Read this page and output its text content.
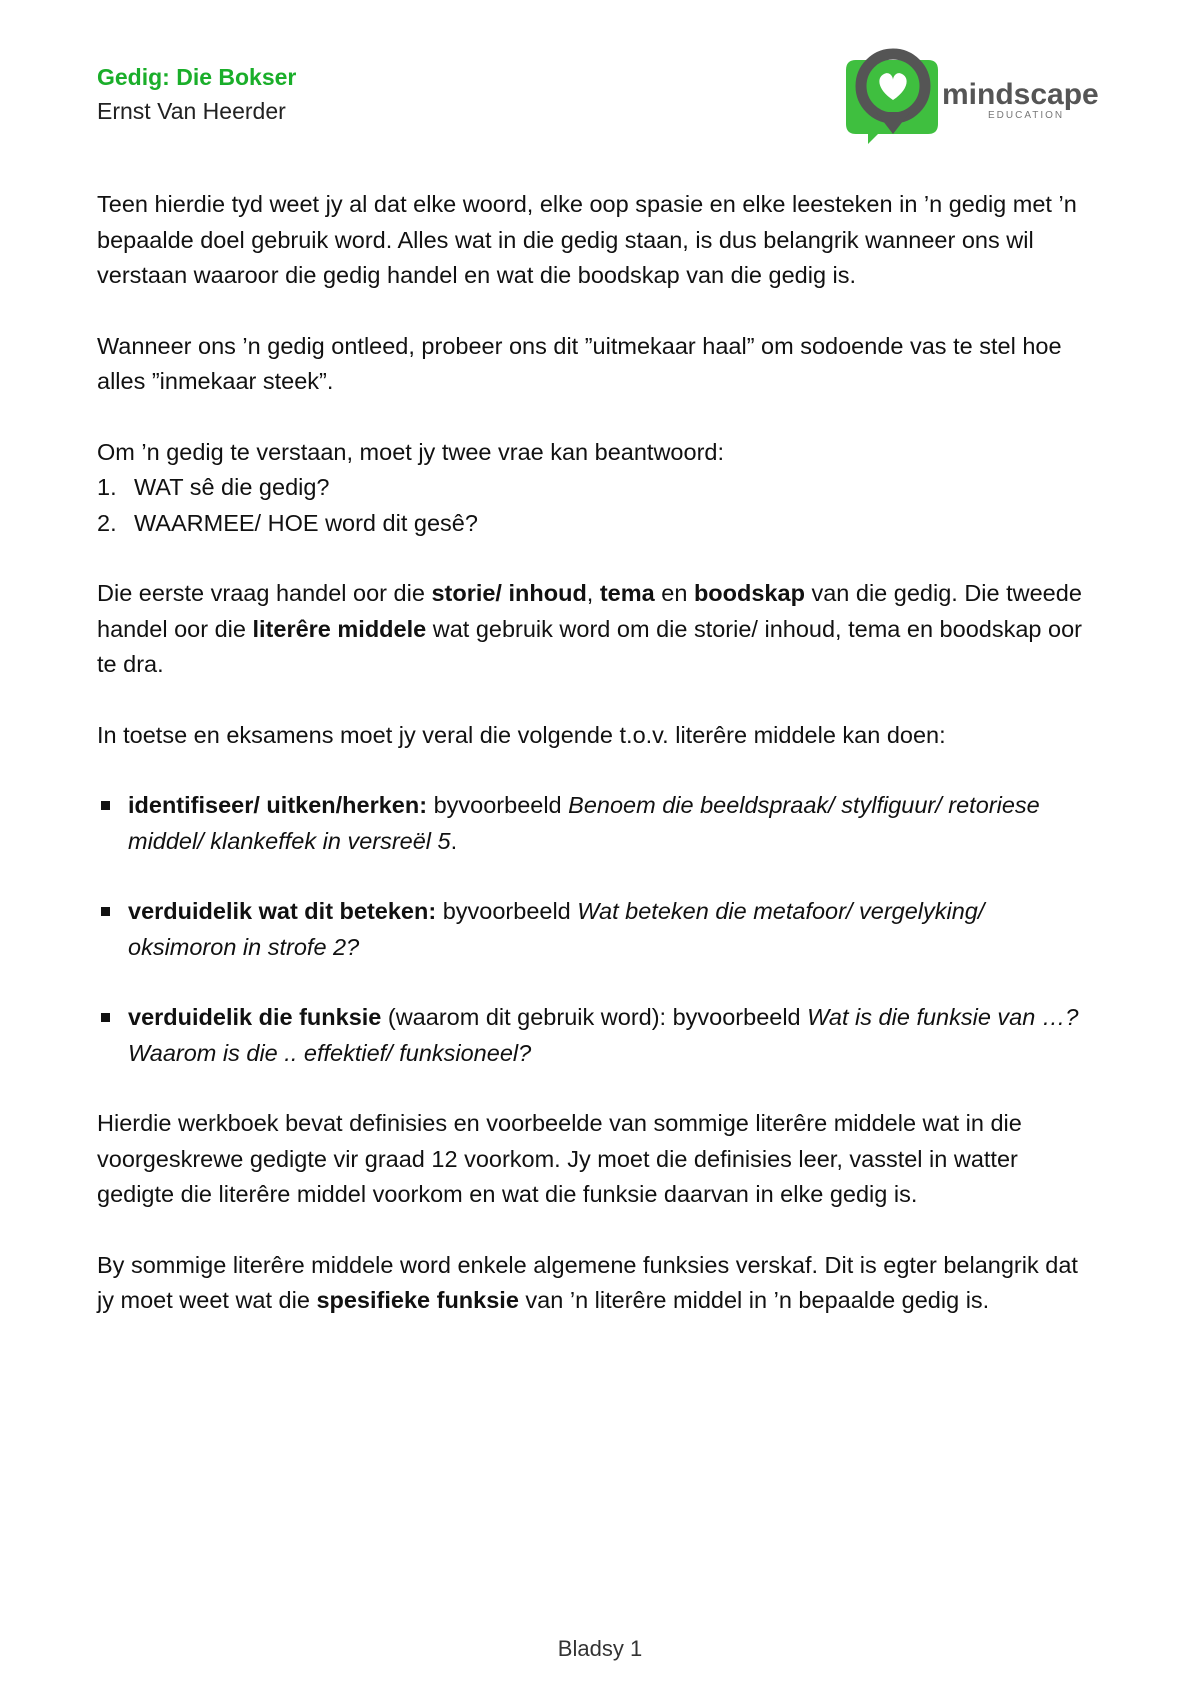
Gedig: Die Bokser

Ernst Van Heerder	mindscape
EDUCATION

Teen hierdie tyd weet jy al dat elke woord, elke oop spasie en elke leesteken in ’n gedig met ’n bepaalde doel gebruik word. Alles wat in die gedig staan, is dus belangrik wanneer ons wil verstaan waaroor die gedig handel en wat die boodskap van die gedig is.

Wanneer ons ’n gedig ontleed, probeer ons dit ”uitmekaar haal” om sodoende vas te stel hoe alles ”inmekaar steek”.

Om ’n gedig te verstaan, moet jy twee vrae kan beantwoord:

1. WAT sê die gedig?
2. WAARMEE/ HOE word dit gesê?

Die eerste vraag handel oor die storie/ inhoud, tema en boodskap van die gedig. Die tweede handel oor die literêre middele wat gebruik word om die storie/ inhoud, tema en boodskap oor te dra.

In toetse en eksamens moet jy veral die volgende t.o.v. literêre middele kan doen:

identifiseer/ uitken/herken: byvoorbeeld Benoem die beeldspraak/ stylfiguur/ retoriese middel/ klankeffek in versreël 5.
verduidelik wat dit beteken: byvoorbeeld Wat beteken die metafoor/ vergelyking/ oksimoron in strofe 2?
verduidelik die funksie (waarom dit gebruik word): byvoorbeeld Wat is die funksie van …? Waarom is die .. effektief/ funksioneel?

Hierdie werkboek bevat definisies en voorbeelde van sommige literêre middele wat in die voorgeskrewe gedigte vir graad 12 voorkom. Jy moet die definisies leer, vasstel in watter gedigte die literêre middel voorkom en wat die funksie daarvan in elke gedig is.

By sommige literêre middele word enkele algemene funksies verskaf. Dit is egter belangrik dat jy moet weet wat die spesifieke funksie van ’n literêre middel in ’n bepaalde gedig is.

Bladsy 1
